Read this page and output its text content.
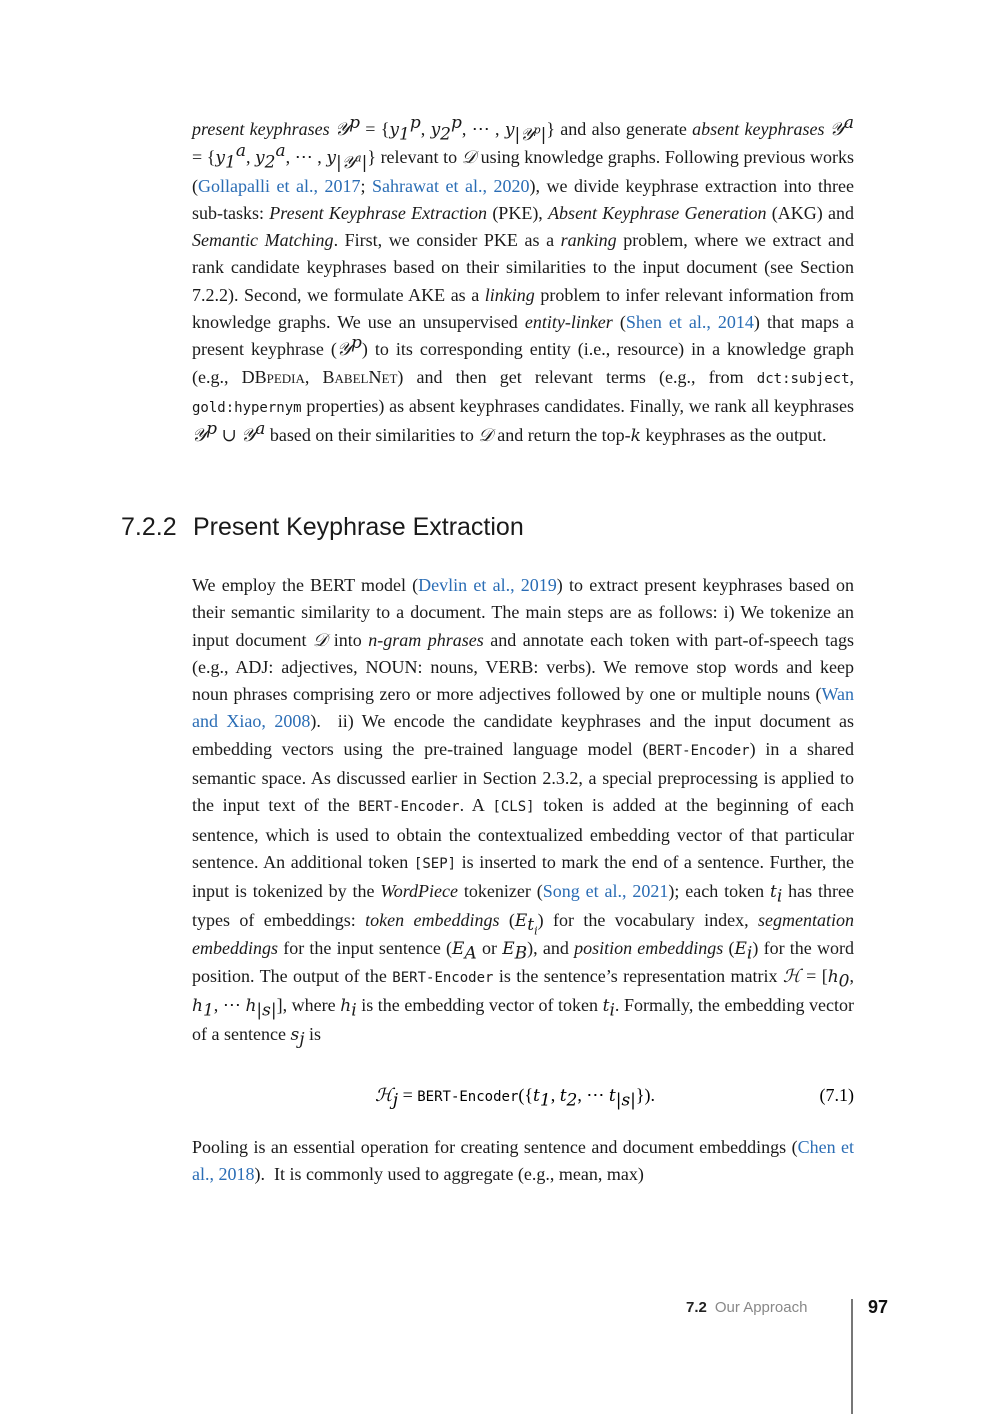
present keyphrases 𝒴$^p$ = {$y_1^p$, $y_2^p$, ⋯ , $y_{|𝒴^p|}$} and also generate absent keyphrases 𝒴$^a$ = {$y_1^a$, $y_2^a$, ⋯ , $y_{|𝒴^a|}$} relevant to 𝒟 using knowledge graphs. Following previous works (Gollapalli et al., 2017; Sahrawat et al., 2020), we divide keyphrase extraction into three sub-tasks: Present Keyphrase Extraction (PKE), Absent Keyphrase Generation (AKG) and Semantic Matching. First, we consider PKE as a ranking problem, where we extract and rank candidate keyphrases based on their similarities to the input document (see Section 7.2.2). Second, we formulate AKE as a linking problem to infer relevant information from knowledge graphs. We use an unsupervised entity-linker (Shen et al., 2014) that maps a present keyphrase (𝒴$^p$) to its corresponding entity (i.e., resource) in a knowledge graph (e.g., DBpedia, BabelNet) and then get relevant terms (e.g., from dct:subject, gold:hypernym properties) as absent keyphrases candidates. Finally, we rank all keyphrases 𝒴$^p$ ∪ 𝒴$^a$ based on their similarities to 𝒟 and return the top-k keyphrases as the output.
7.2.2 Present Keyphrase Extraction
We employ the BERT model (Devlin et al., 2019) to extract present keyphrases based on their semantic similarity to a document. The main steps are as follows: i) We tokenize an input document 𝒟 into n-gram phrases and annotate each token with part-of-speech tags (e.g., ADJ: adjectives, NOUN: nouns, VERB: verbs). We remove stop words and keep noun phrases comprising zero or more adjectives followed by one or multiple nouns (Wan and Xiao, 2008).  ii) We encode the candidate keyphrases and the input document as embedding vectors using the pre-trained language model (BERT-Encoder) in a shared semantic space. As discussed earlier in Section 2.3.2, a special preprocessing is applied to the input text of the BERT-Encoder. A [CLS] token is added at the beginning of each sentence, which is used to obtain the contextualized embedding vector of that particular sentence. An additional token [SEP] is inserted to mark the end of a sentence. Further, the input is tokenized by the WordPiece tokenizer (Song et al., 2021); each token $t_i$ has three types of embeddings: token embeddings $(E_{t_i})$ for the vocabulary index, segmentation embeddings for the input sentence ($E_A$ or $E_B$), and position embeddings $(E_i)$ for the word position. The output of the BERT-Encoder is the sentence’s representation matrix ℋ = [$h_0$, $h_1$, ⋯ $h_{|s|}$], where $h_i$ is the embedding vector of token $t_i$. Formally, the embedding vector of a sentence $s_j$ is
ℋ$_j$ = BERT-$Encoder(\{t_1$, $t_2$, ⋯ $t_{|s|}$}).	(7.1)
Pooling is an essential operation for creating sentence and document embeddings (Chen et al., 2018).  It is commonly used to aggregate (e.g., mean, max)
7.2 Our Approach	97
